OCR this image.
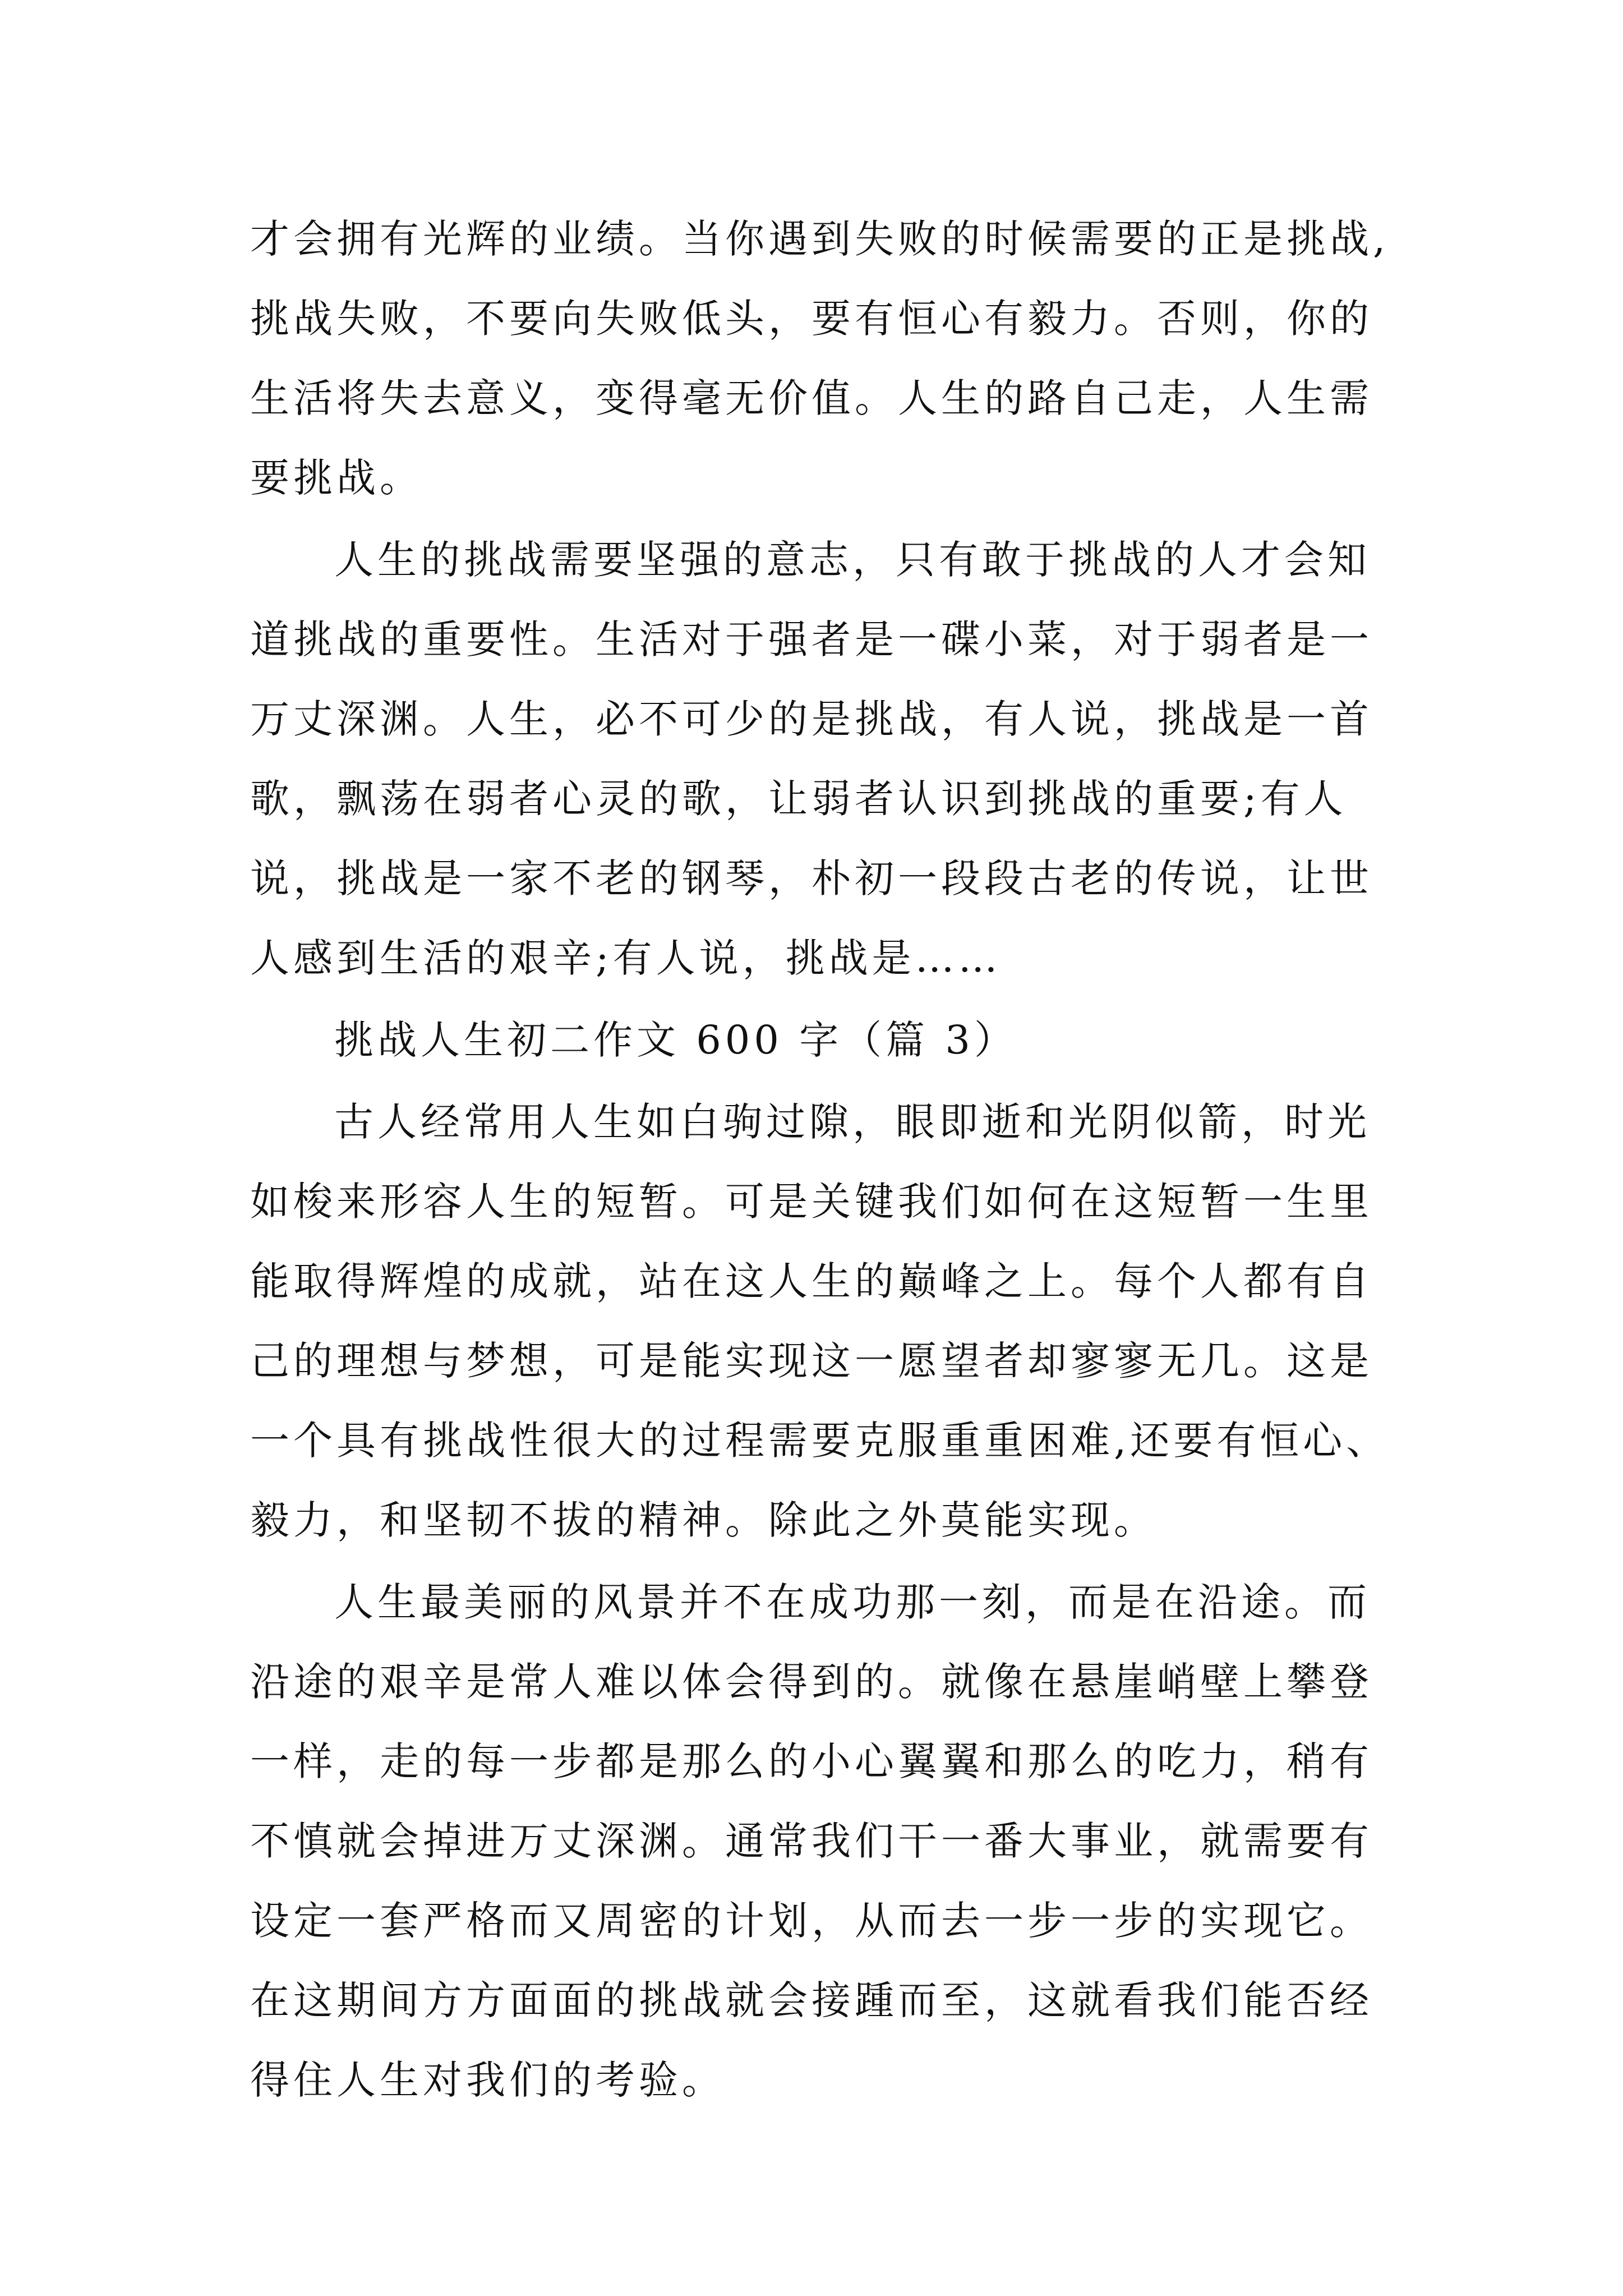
才会拥有光辉的业绩。当你遇到失败的时候需要的正是挑战,
挑战失败，不要向失败低头，要有恒心有毅力。否则，你的
生活将失去意义，变得毫无价值。人生的路自己走，人生需
要挑战。
人生的挑战需要坚强的意志，只有敢于挑战的人才会知
道挑战的重要性。生活对于强者是一碟小菜，对于弱者是一
万丈深渊。人生，必不可少的是挑战，有人说，挑战是一首
歌，飘荡在弱者心灵的歌，让弱者认识到挑战的重要;有人
说，挑战是一家不老的钢琴，朴初一段段古老的传说，让世
人感到生活的艰辛;有人说，挑战是……
挑战人生初二作文 600 字（篇 3）
古人经常用人生如白驹过隙，眼即逝和光阴似箭，时光
如梭来形容人生的短暂。可是关键我们如何在这短暂一生里
能取得辉煌的成就，站在这人生的巅峰之上。每个人都有自
己的理想与梦想，可是能实现这一愿望者却寥寥无几。这是
一个具有挑战性很大的过程需要克服重重困难,还要有恒心、
毅力，和坚韧不拔的精神。除此之外莫能实现。
人生最美丽的风景并不在成功那一刻，而是在沿途。而
沿途的艰辛是常人难以体会得到的。就像在悬崖峭壁上攀登
一样，走的每一步都是那么的小心翼翼和那么的吃力，稍有
不慎就会掉进万丈深渊。通常我们干一番大事业，就需要有
设定一套严格而又周密的计划，从而去一步一步的实现它。
在这期间方方面面的挑战就会接踵而至，这就看我们能否经
得住人生对我们的考验。
